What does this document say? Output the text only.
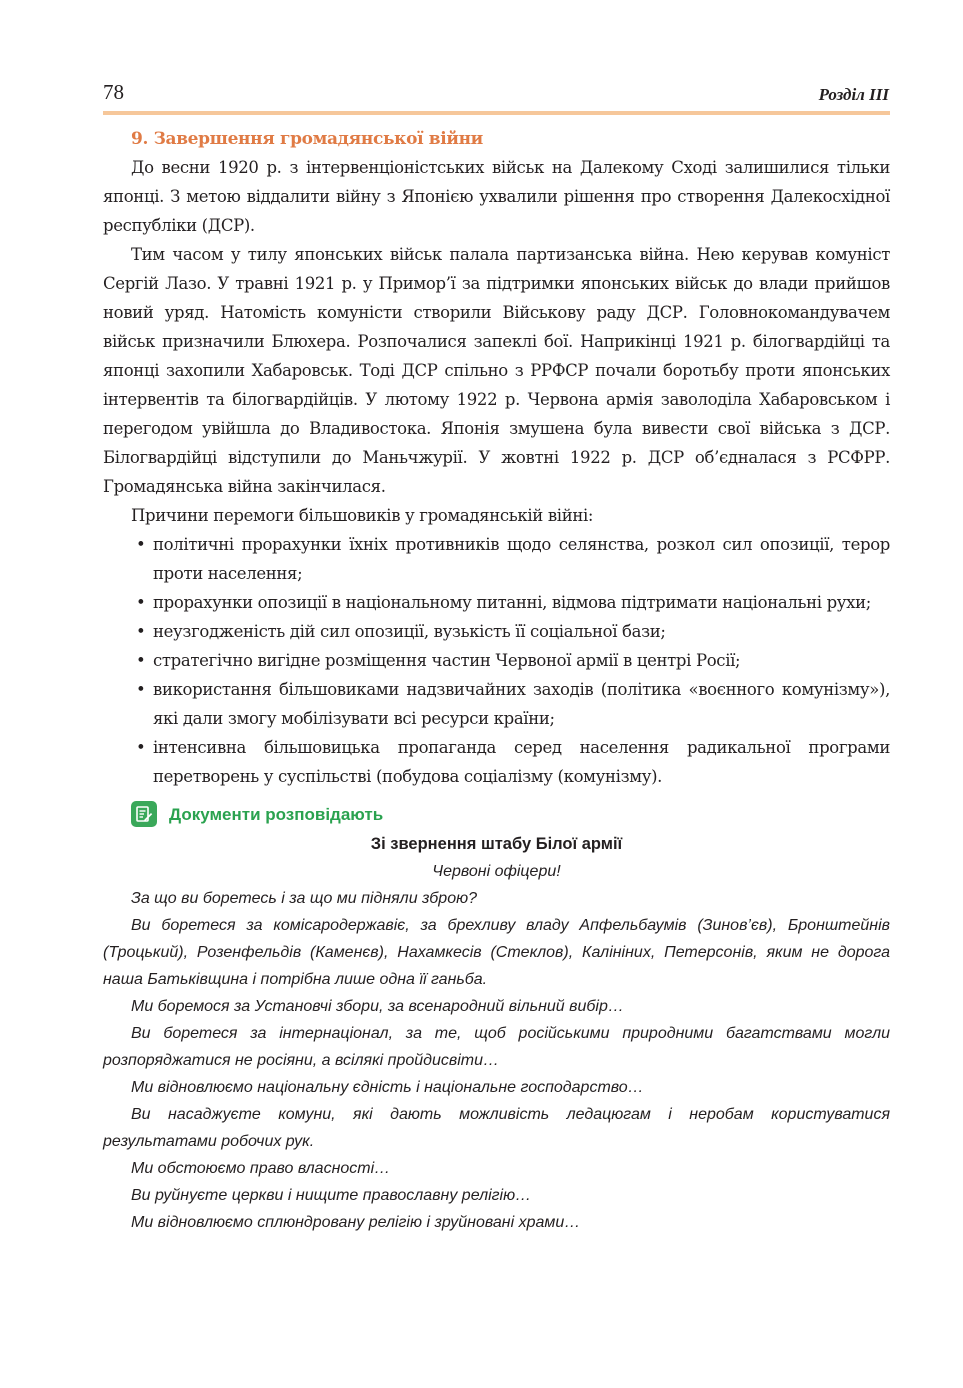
78	Розділ III
9. Завершення громадянської війни

До весни 1920 р. з інтервенціоністських військ на Далекому Сході залишилися тільки японці. З метою віддалити війну з Японією ухвалили рішення про створення Далекосхідної республіки (ДСР).

Тим часом у тилу японських військ палала партизанська війна. Нею керував комуніст Сергій Лазо. У травні 1921 р. у Примор’ї за підтримки японських військ до влади прийшов новий уряд. Натомість комуністи створили Військову раду ДСР. Головнокомандувачем військ призначили Блюхера. Розпочалися запеклі бої. Наприкінці 1921 р. білогвардійці та японці захопили Хабаровськ. Тоді ДСР спільно з РРФСР почали боротьбу проти японських інтервентів та білогвардійців. У лютому 1922 р. Червона армія заволоділа Хабаровськом і перегодом увійшла до Владивостока. Японія змушена була вивести свої війська з ДСР. Білогвардійці відступили до Маньчжурії. У жовтні 1922 р. ДСР об’єдналася з РСФРР. Громадянська війна закінчилася.

Причини перемоги більшовиків у громадянській війні:

• політичні прорахунки їхніх противників щодо селянства, розкол сил опозиції, терор проти населення;
• прорахунки опозиції в національному питанні, відмова підтримати національні рухи;
• неузгодженість дій сил опозиції, вузькість її соціальної бази;
• стратегічно вигідне розміщення частин Червоної армії в центрі Росії;
• використання більшовиками надзвичайних заходів (політика «воєнного комунізму»), які дали змогу мобілізувати всі ресурси країни;
• інтенсивна більшовицька пропаганда серед населення радикальної програми перетворень у суспільстві (побудова соціалізму (комунізму).
Документи розповідають

Зі звернення штабу Білої армії

Червоні офіцери!

За що ви боретесь і за що ми підняли зброю?

Ви боретеся за комісародержавіє, за брехливу владу Апфельбаумів (Зинов’єв), Бронштейнів (Троцький), Розенфельдів (Каменєв), Нахамкесів (Стеклов), Калініних, Петерсонів, яким не дорога наша Батьківщина і потрібна лише одна її ганьба.

Ми боремося за Установчі збори, за всенародний вільний вибір…

Ви боретеся за інтернаціонал, за те, щоб російськими природними багатствами могли розпоряджатися не росіяни, а всілякі пройдисвіти…

Ми відновлюємо національну єдність і національне господарство…

Ви насаджуєте комуни, які дають можливість ледацюгам і неробам користуватися результатами робочих рук.

Ми обстоюємо право власності…

Ви руйнуєте церкви і нищите православну релігію…

Ми відновлюємо сплюндровану релігію і зруйновані храми…
